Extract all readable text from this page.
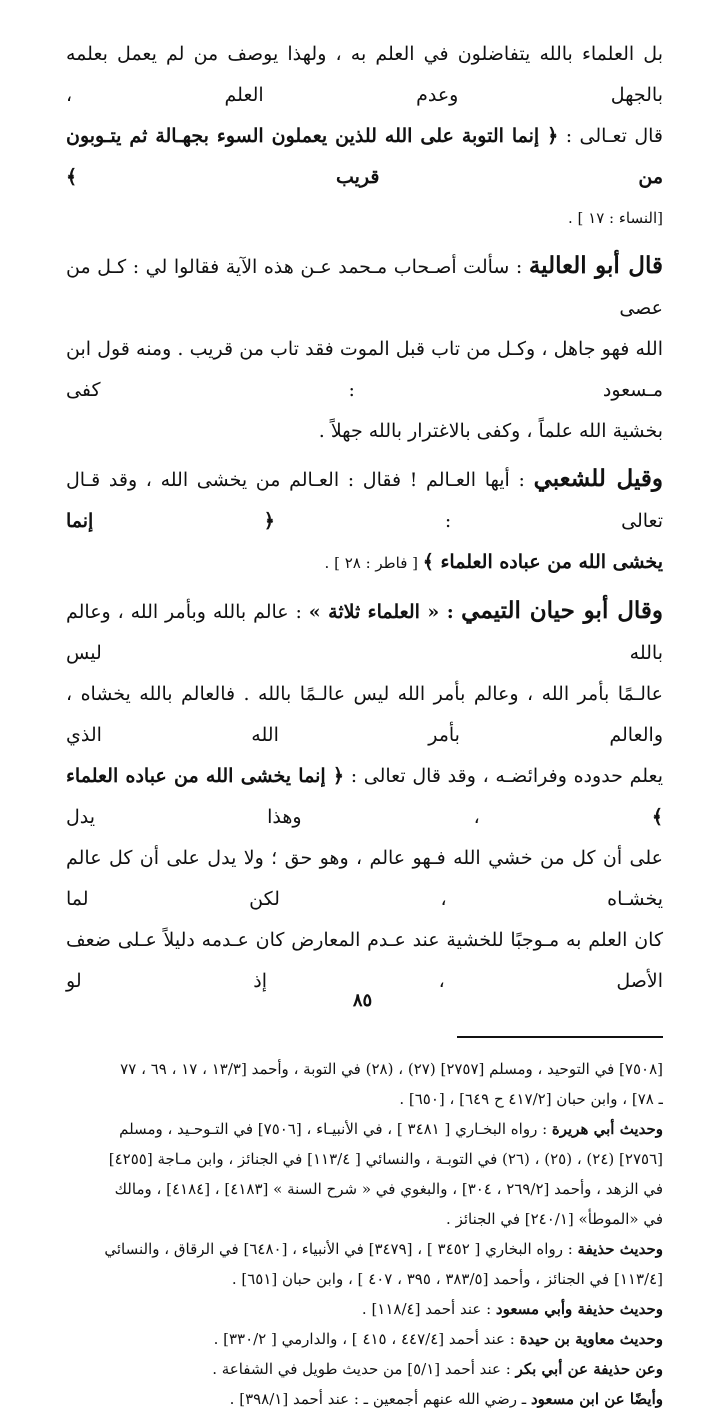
بل العلماء بالله يتفاضلون في العلم به ، ولهذا يوصف من لم يعمل بعلمه بالجهل وعدم العلم ،
قال تعـالى : ﴿ إنما التوبة على الله للذين يعملون السوء بجهـالة ثم يتـوبون من قريب ﴾
[النساء : ١٧ ] .

قال أبو العالية : سألت أصـحاب مـحمد عـن هذه الآية فقالوا لي : كـل من عصى
الله فهو جاهل ، وكـل من تاب قبل الموت فقد تاب من قريب . ومنه قول ابن مـسعود : كفى
بخشية الله علماً ، وكفى بالاغترار بالله جهلاً .

وقيل للشعبي : أيها العـالم ! فقال : العـالم من يخشى الله ، وقد قـال تعالى : ﴿ إنما
يخشى الله من عباده العلماء ﴾ [ فاطر : ٢٨ ] .

وقال أبو حيان التيمي : « العلماء ثلاثة » : عالم بالله وبأمر الله ، وعالم بالله ليس
عالـمًا بأمر الله ، وعالم بأمر الله ليس عالـمًا بالله . فالعالم بالله يخشاه ، والعالم بأمر الله الذي
يعلم حدوده وفرائضـه ، وقد قال تعالى : ﴿ إنما يخشى الله من عباده العلماء ﴾ ، وهذا يدل
على أن كل من خشي الله فـهو عالم ، وهو حق ؛ ولا يدل على أن كل عالم يخشـاه ، لكن لما
كان العلم به مـوجبًا للخشية عند عـدم المعارض كان عـدمه دليلاً عـلى ضعف الأصل ، إذ لو

[٧٥٠٨] في التوحيد ، ومسلم [٢٧٥٧] (٢٧) ، (٢٨) في التوبة ، وأحمد [١٣/٣ ، ١٧ ، ٦٩ ، ٧٧
ـ ٧٨] ، وابن حبان [٤١٧/٢ ح ٦٤٩] ، [٦٥٠] .
وحديث أبي هريرة : رواه البخـاري [ ٣٤٨١ ] ، في الأنبيـاء ، [٧٥٠٦] في التـوحـيد ، ومسلم
[٢٧٥٦] (٢٤) ، (٢٥) ، (٢٦) في التوبـة ، والنسائي [ ١١٣/٤] في الجنائز ، وابن مـاجة [٤٢٥٥]
في الزهد ، وأحمد [٢٦٩/٢ ، ٣٠٤] ، والبغوي في « شرح السنة » [٤١٨٣] ، [٤١٨٤] ، ومالك
في «الموطأ» [٢٤٠/١] في الجنائز .
وحديث حذيفة : رواه البخاري [ ٣٤٥٢ ] ، [٣٤٧٩] في الأنبياء ، [٦٤٨٠] في الرقاق ، والنسائي
[١١٣/٤] في الجنائز ، وأحمد [٣٨٣/٥ ، ٣٩٥ ، ٤٠٧ ] ، وابن حبان [٦٥١] .
وحديث حذيفة وأبي مسعود : عند أحمد [١١٨/٤] .
وحديث معاوية بن حيدة : عند أحمد [٤٤٧/٤ ، ٤١٥ ] ، والدارمي [ ٣٣٠/٢] .
وعن حذيفة عن أبي بكر : عند أحمد [٥/١] من حديث طويل في الشفاعة .
وأيضًا عن ابن مسعود ـ رضي الله عنهم أجمعين ـ : عند أحمد [٣٩٨/١] .
٨٥
